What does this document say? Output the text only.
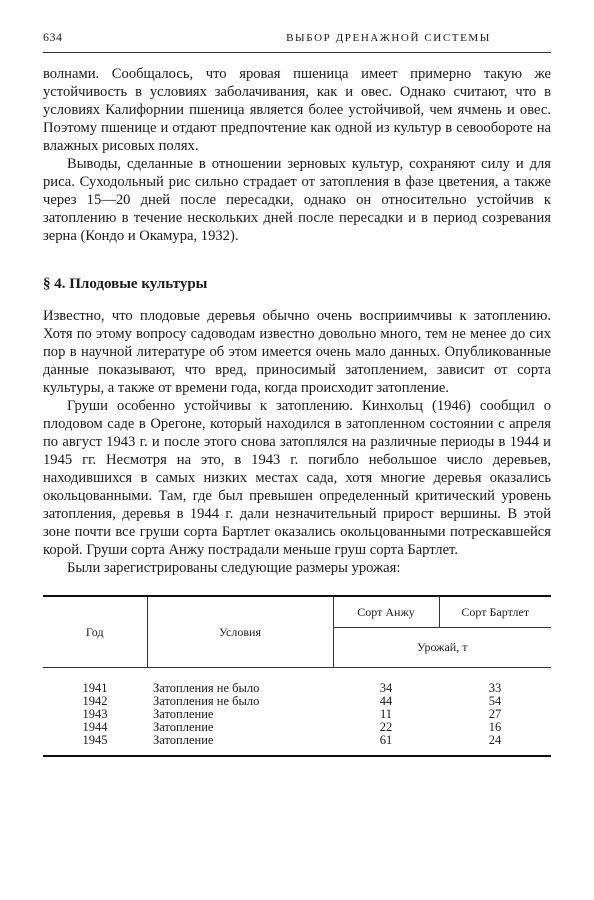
634	ВЫБОР ДРЕНАЖНОЙ СИСТЕМЫ

волнами. Сообщалось, что яровая пшеница имеет примерно такую же устойчивость в условиях заболачивания, как и овес. Однако считают, что в условиях Калифорнии пшеница является более устойчивой, чем ячмень и овес. Поэтому пшенице и отдают предпочтение как одной из культур в севообороте на влажных рисовых полях.

Выводы, сделанные в отношении зерновых культур, сохраняют силу и для риса. Суходольный рис сильно страдает от затопления в фазе цветения, а также через 15—20 дней после пересадки, однако он относительно устойчив к затоплению в течение нескольких дней после пересадки и в период созревания зерна (Кондо и Окамура, 1932).

§ 4. Плодовые культуры

Известно, что плодовые деревья обычно очень восприимчивы к затоплению. Хотя по этому вопросу садоводам известно довольно много, тем не менее до сих пор в научной литературе об этом имеется очень мало данных. Опубликованные данные показывают, что вред, приносимый затоплением, зависит от сорта культуры, а также от времени года, когда происходит затопление.

Груши особенно устойчивы к затоплению. Кинхольц (1946) сообщил о плодовом саде в Орегоне, который находился в затопленном состоянии с апреля по август 1943 г. и после этого снова затоплялся на различные периоды в 1944 и 1945 гг. Несмотря на это, в 1943 г. погибло небольшое число деревьев, находившихся в самых низких местах сада, хотя многие деревья оказались окольцованными. Там, где был превышен определенный критический уровень затопления, деревья в 1944 г. дали незначительный прирост вершины. В этой зоне почти все груши сорта Бартлет оказались окольцованными потрескавшейся корой. Груши сорта Анжу пострадали меньше груш сорта Бартлет.

Были зарегистрированы следующие размеры урожая:

Год	Условия	Сорт Анжу	Сорт Бартлет
		Урожай, т	

1941	Затопления не было	34	33
1942	Затопления не было	44	54
1943	Затопление	11	27
1944	Затопление	22	16
1945	Затопление	61	24
